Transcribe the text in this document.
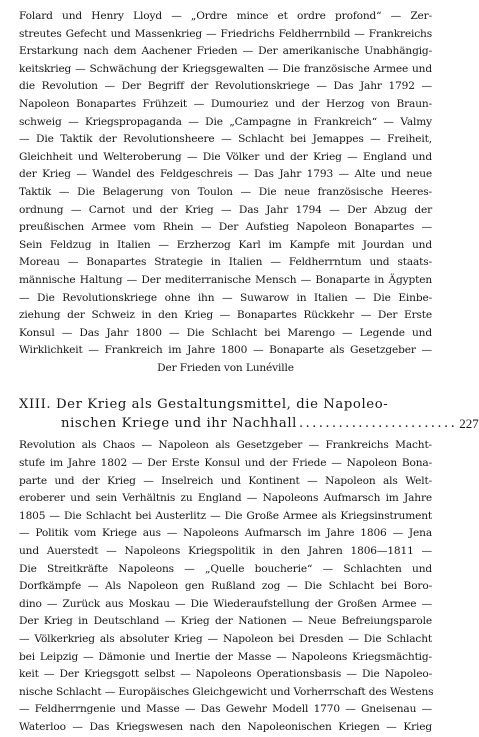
Folard und Henry Lloyd — „Ordre mince et ordre profond“ — Zer-
streutes Gefecht und Massenkrieg — Friedrichs Feldherrnbild — Frankreichs
Erstarkung nach dem Aachener Frieden — Der amerikanische Unabhängig-
keitskrieg — Schwächung der Kriegsgewalten — Die französische Armee und
die Revolution — Der Begriff der Revolutionskriege — Das Jahr 1792 —
Napoleon Bonapartes Frühzeit — Dumouriez und der Herzog von Braun-
schweig — Kriegspropaganda — Die „Campagne in Frankreich“ — Valmy
— Die Taktik der Revolutionsheere — Schlacht bei Jemappes — Freiheit,
Gleichheit und Welteroberung — Die Völker und der Krieg — England und
der Krieg — Wandel des Feldgeschreis — Das Jahr 1793 — Alte und neue
Taktik — Die Belagerung von Toulon — Die neue französische Heeres-
ordnung — Carnot und der Krieg — Das Jahr 1794 — Der Abzug der
preußischen Armee vom Rhein — Der Aufstieg Napoleon Bonapartes —
Sein Feldzug in Italien — Erzherzog Karl im Kampfe mit Jourdan und
Moreau — Bonapartes Strategie in Italien — Feldherrntum und staats-
männische Haltung — Der mediterranische Mensch — Bonaparte in Ägypten
— Die Revolutionskriege ohne ihn — Suwarow in Italien — Die Einbe-
ziehung der Schweiz in den Krieg — Bonapartes Rückkehr — Der Erste
Konsul — Das Jahr 1800 — Die Schlacht bei Marengo — Legende und
Wirklichkeit — Frankreich im Jahre 1800 — Bonaparte als Gesetzgeber —
Der Frieden von Lunéville
XIII. Der Krieg als Gestaltungsmittel, die Napoleo-
nischen Kriege und ihr Nachhall ........................ 227
Revolution als Chaos — Napoleon als Gesetzgeber — Frankreichs Macht-
stufe im Jahre 1802 — Der Erste Konsul und der Friede — Napoleon Bona-
parte und der Krieg — Inselreich und Kontinent — Napoleon als Welt-
eroberer und sein Verhältnis zu England — Napoleons Aufmarsch im Jahre
1805 — Die Schlacht bei Austerlitz — Die Große Armee als Kriegsinstrument
— Politik vom Kriege aus — Napoleons Aufmarsch im Jahre 1806 — Jena
und Auerstedt — Napoleons Kriegspolitik in den Jahren 1806—1811 —
Die Streitkräfte Napoleons — „Quelle boucherie“ — Schlachten und
Dorfkämpfe — Als Napoleon gen Rußland zog — Die Schlacht bei Boro-
dino — Zurück aus Moskau — Die Wiederaufstellung der Großen Armee —
Der Krieg in Deutschland — Krieg der Nationen — Neue Befreiungsparole
— Völkerkrieg als absoluter Krieg — Napoleon bei Dresden — Die Schlacht
bei Leipzig — Dämonie und Inertie der Masse — Napoleons Kriegsmächtig-
keit — Der Kriegsgott selbst — Napoleons Operationsbasis — Die Napoleo-
nische Schlacht — Europäisches Gleichgewicht und Vorherrschaft des Westens
— Feldherrngenie und Masse — Das Gewehr Modell 1770 — Gneisenau —
Waterloo — Das Kriegswesen nach den Napoleonischen Kriegen — Krieg
